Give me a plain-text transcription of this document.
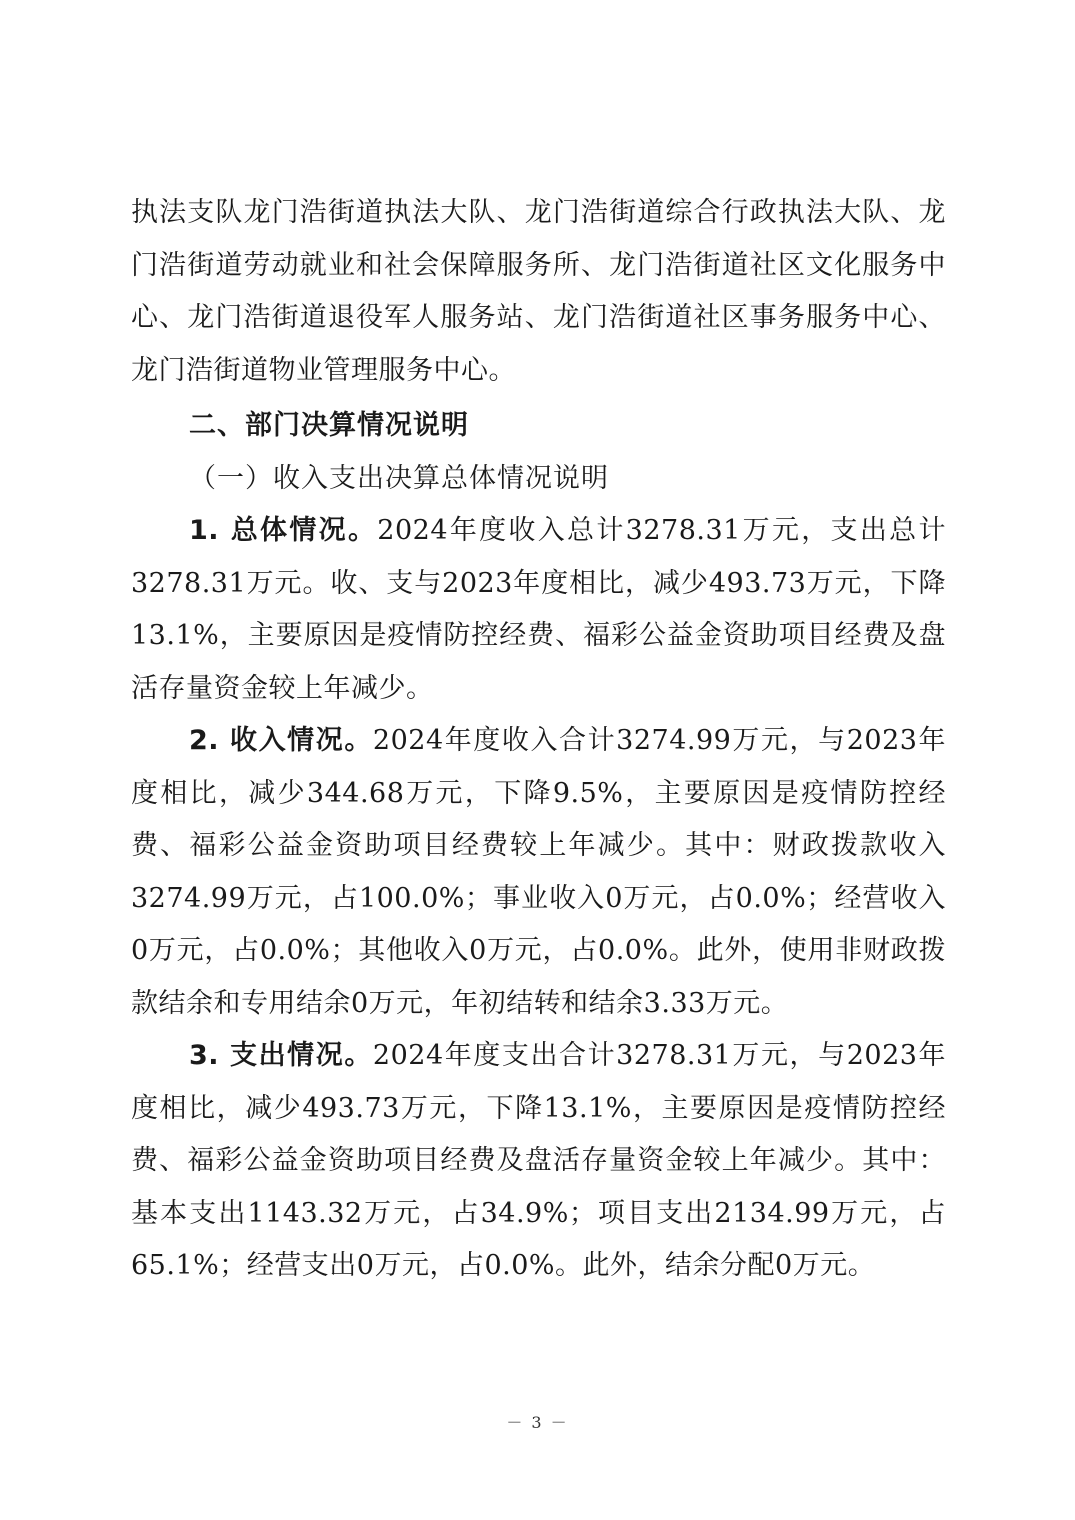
执法支队龙门浩街道执法大队、龙门浩街道综合行政执法大队、龙门浩街道劳动就业和社会保障服务所、龙门浩街道社区文化服务中心、龙门浩街道退役军人服务站、龙门浩街道社区事务服务中心、龙门浩街道物业管理服务中心。

二、部门决算情况说明

（一）收入支出决算总体情况说明

1. 总体情况。2024年度收入总计3278.31万元，支出总计3278.31万元。收、支与2023年度相比，减少493.73万元，下降13.1%，主要原因是疫情防控经费、福彩公益金资助项目经费及盘活存量资金较上年减少。

2. 收入情况。2024年度收入合计3274.99万元，与2023年度相比，减少344.68万元，下降9.5%，主要原因是疫情防控经费、福彩公益金资助项目经费较上年减少。其中：财政拨款收入3274.99万元，占100.0%；事业收入0万元，占0.0%；经营收入0万元，占0.0%；其他收入0万元，占0.0%。此外，使用非财政拨款结余和专用结余0万元，年初结转和结余3.33万元。

3. 支出情况。2024年度支出合计3278.31万元，与2023年度相比，减少493.73万元，下降13.1%，主要原因是疫情防控经费、福彩公益金资助项目经费及盘活存量资金较上年减少。其中：基本支出1143.32万元，占34.9%；项目支出2134.99万元，占65.1%；经营支出0万元，占0.0%。此外，结余分配0万元。

－ 3 －
